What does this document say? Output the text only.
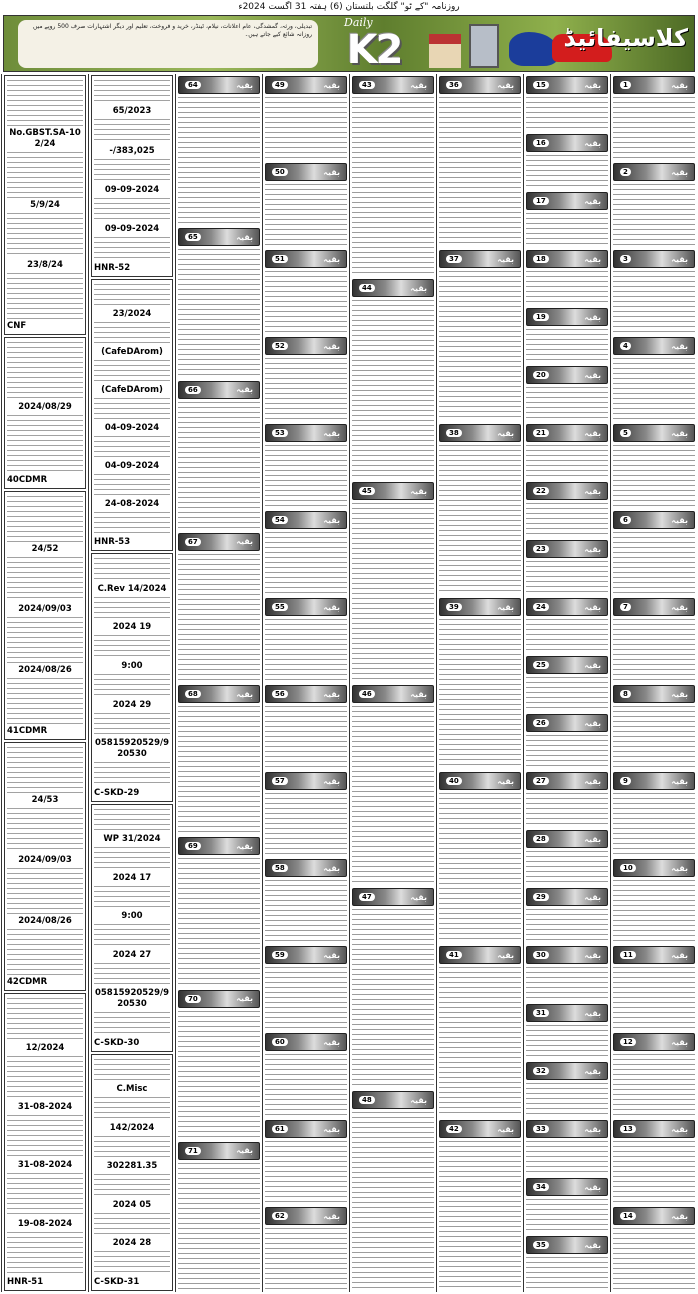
روزنامہ "کے ٹو" گلگت بلتستان (6) ہفتہ 31 اگست 2024ء
تبدیلی، ورثہ، گمشدگی، عام اعلانات، نیلام، ٹینڈر، خرید و فروخت، تعلیم اور دیگر اشتہارات صرف 500 روپے میں روزانہ شائع کیے جاتے ہیں۔
Daily
K2	کلاسیفائیڈ
1	بقیہ
2	بقیہ
3	بقیہ
4	بقیہ
5	بقیہ
6	بقیہ
7	بقیہ
8	بقیہ
9	بقیہ
10	بقیہ
11	بقیہ
12	بقیہ
13	بقیہ
14	بقیہ
15	بقیہ
16	بقیہ
17	بقیہ
18	بقیہ
19	بقیہ
20	بقیہ
21	بقیہ
22	بقیہ
23	بقیہ
24	بقیہ
25	بقیہ
26	بقیہ
27	بقیہ
28	بقیہ
29	بقیہ
30	بقیہ
31	بقیہ
32	بقیہ
33	بقیہ
34	بقیہ
35	بقیہ
36	بقیہ
37	بقیہ
38	بقیہ
39	بقیہ
40	بقیہ
41	بقیہ
42	بقیہ
43	بقیہ
44	بقیہ
45	بقیہ
46	بقیہ
47	بقیہ
48	بقیہ
49	بقیہ
50	بقیہ
51	بقیہ
52	بقیہ
53	بقیہ
54	بقیہ
55	بقیہ
56	بقیہ
57	بقیہ
58	بقیہ
59	بقیہ
60	بقیہ
61	بقیہ
62	بقیہ
64	بقیہ
65	بقیہ
66	بقیہ
67	بقیہ
68	بقیہ
69	بقیہ
70	بقیہ
71	بقیہ
65/2023
-/383,025
09-09-2024
09-09-2024
HNR-52
23/2024
(CafeDArom)
(CafeDArom)
04-09-2024
04-09-2024
24-08-2024
HNR-53
C.Rev 14/2024
2024 19
9:00
2024 29
05815920529/920530
C-SKD-29
WP 31/2024
2024 17
9:00
2024 27
05815920529/920530
C-SKD-30
C.Misc
142/2024
302281.35
2024 05
2024 28
C-SKD-31
No.GBST.SA-102/24
5/9/24
23/8/24
CNF
2024/08/29
40CDMR
24/52
2024/09/03
2024/08/26
41CDMR
24/53
2024/09/03
2024/08/26
42CDMR
12/2024
31-08-2024
31-08-2024
19-08-2024
HNR-51
